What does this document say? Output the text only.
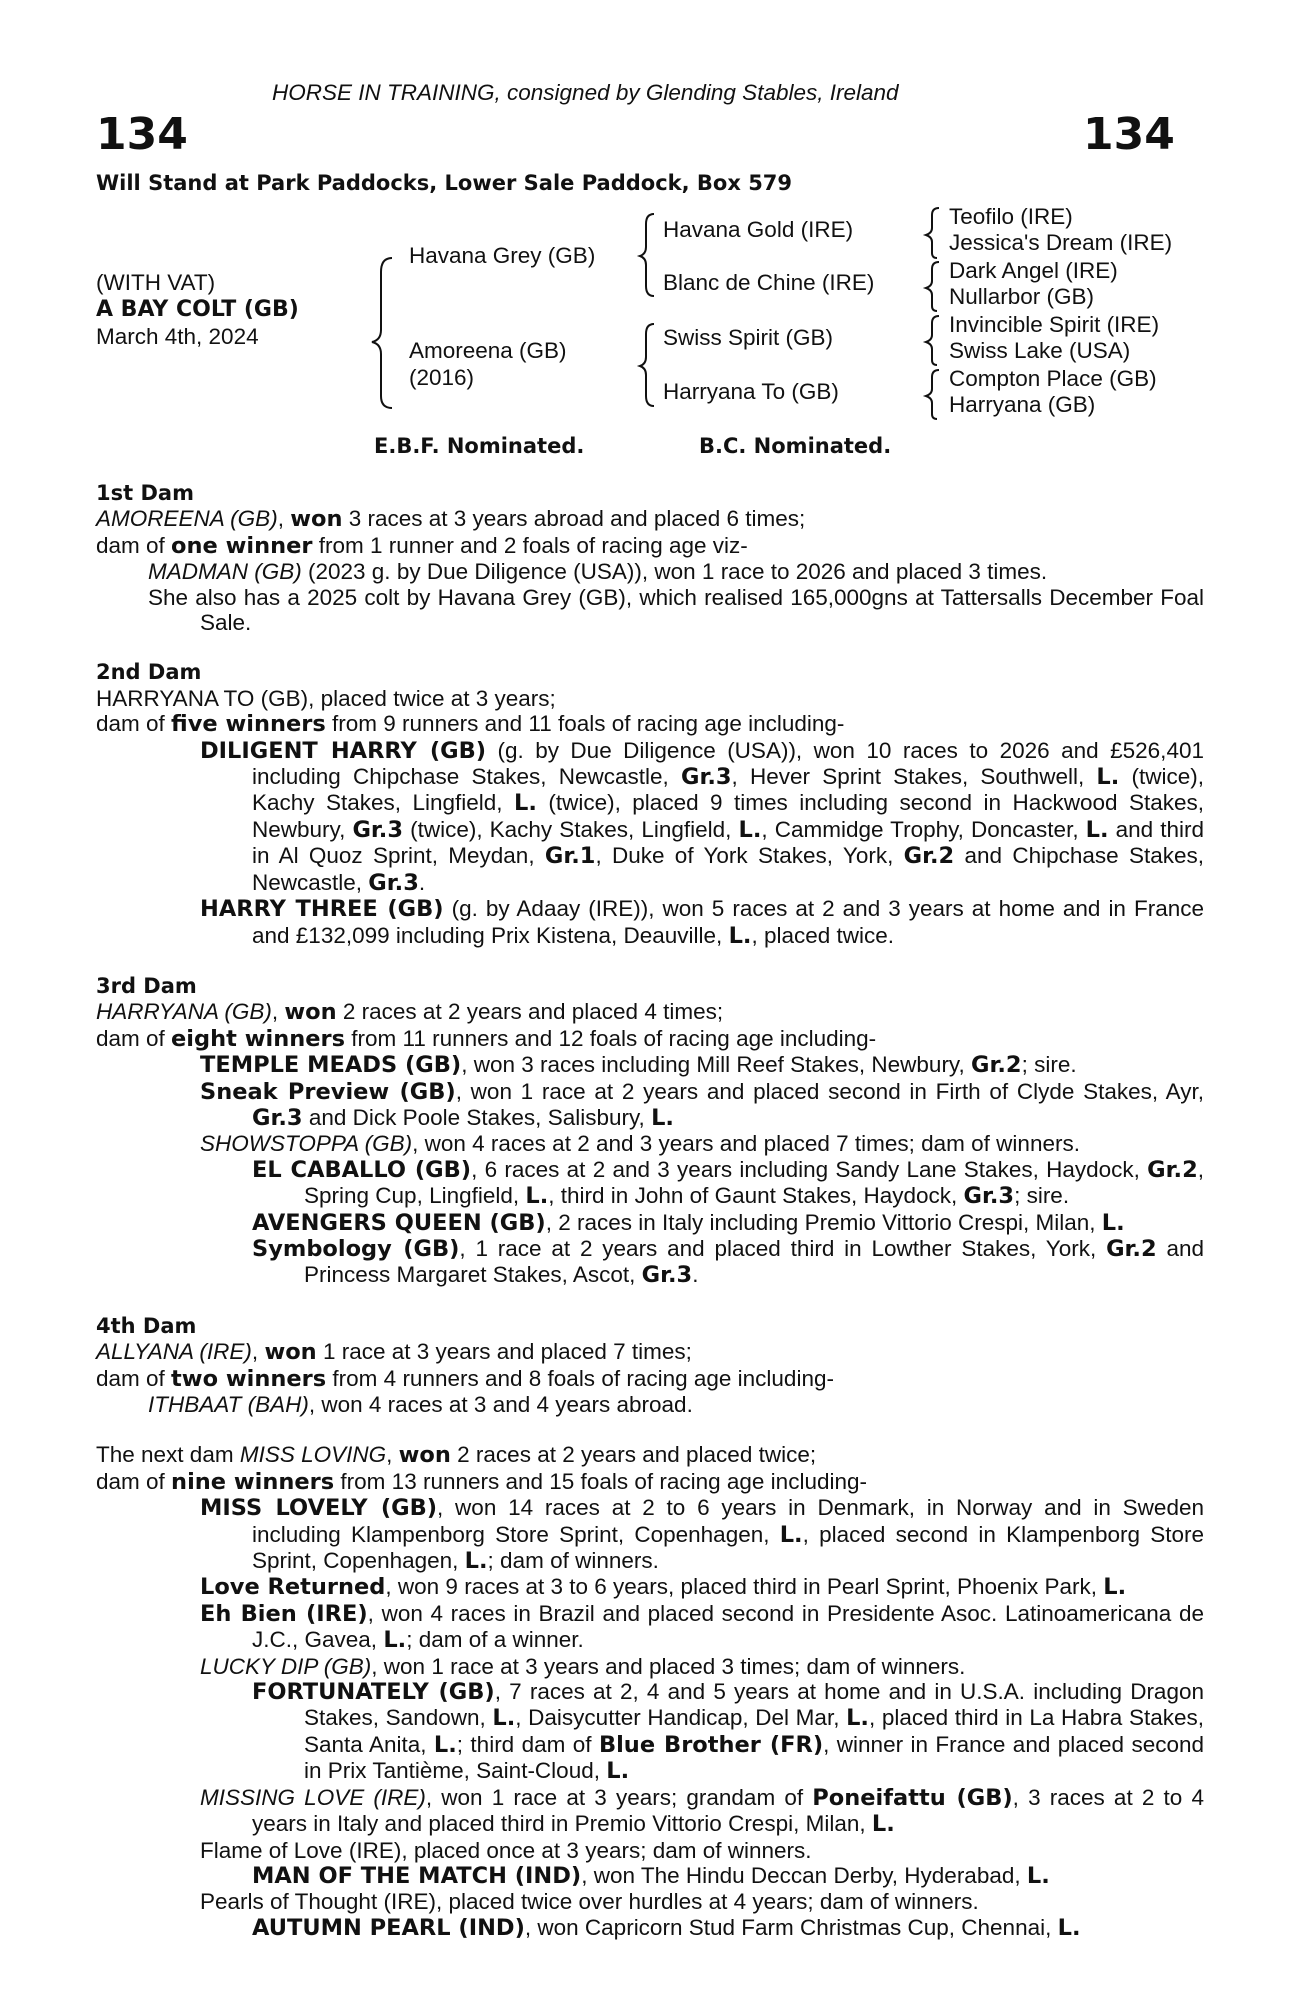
HORSE IN TRAINING, consigned by Glending Stables, Ireland
134	134
Will Stand at Park Paddocks, Lower Sale Paddock, Box 579
(WITH VAT)
A BAY COLT (GB)
March 4th, 2024
Havana Grey (GB)
Amoreena (GB)
(2016)
Havana Gold (IRE)
Blanc de Chine (IRE)
Swiss Spirit (GB)
Harryana To (GB)
Teofilo (IRE)
Jessica's Dream (IRE)
Dark Angel (IRE)
Nullarbor (GB)
Invincible Spirit (IRE)
Swiss Lake (USA)
Compton Place (GB)
Harryana (GB)
E.B.F. Nominated.	B.C. Nominated.
1st Dam
AMOREENA (GB), won 3 races at 3 years abroad and placed 6 times;
dam of one winner from 1 runner and 2 foals of racing age viz-
MADMAN (GB) (2023 g. by Due Diligence (USA)), won 1 race to 2026 and placed 3 times.
She also has a 2025 colt by Havana Grey (GB), which realised 165,000gns at Tattersalls December Foal Sale.
2nd Dam
HARRYANA TO (GB), placed twice at 3 years;
dam of five winners from 9 runners and 11 foals of racing age including-
DILIGENT HARRY (GB) (g. by Due Diligence (USA)), won 10 races to 2026 and £526,401 including Chipchase Stakes, Newcastle, Gr.3, Hever Sprint Stakes, Southwell, L. (twice), Kachy Stakes, Lingfield, L. (twice), placed 9 times including second in Hackwood Stakes, Newbury, Gr.3 (twice), Kachy Stakes, Lingfield, L., Cammidge Trophy, Doncaster, L. and third in Al Quoz Sprint, Meydan, Gr.1, Duke of York Stakes, York, Gr.2 and Chipchase Stakes, Newcastle, Gr.3.
HARRY THREE (GB) (g. by Adaay (IRE)), won 5 races at 2 and 3 years at home and in France and £132,099 including Prix Kistena, Deauville, L., placed twice.
3rd Dam
HARRYANA (GB), won 2 races at 2 years and placed 4 times;
dam of eight winners from 11 runners and 12 foals of racing age including-
TEMPLE MEADS (GB), won 3 races including Mill Reef Stakes, Newbury, Gr.2; sire.
Sneak Preview (GB), won 1 race at 2 years and placed second in Firth of Clyde Stakes, Ayr, Gr.3 and Dick Poole Stakes, Salisbury, L.
SHOWSTOPPA (GB), won 4 races at 2 and 3 years and placed 7 times; dam of winners.
EL CABALLO (GB), 6 races at 2 and 3 years including Sandy Lane Stakes, Haydock, Gr.2, Spring Cup, Lingfield, L., third in John of Gaunt Stakes, Haydock, Gr.3; sire.
AVENGERS QUEEN (GB), 2 races in Italy including Premio Vittorio Crespi, Milan, L.
Symbology (GB), 1 race at 2 years and placed third in Lowther Stakes, York, Gr.2 and Princess Margaret Stakes, Ascot, Gr.3.
4th Dam
ALLYANA (IRE), won 1 race at 3 years and placed 7 times;
dam of two winners from 4 runners and 8 foals of racing age including-
ITHBAAT (BAH), won 4 races at 3 and 4 years abroad.
The next dam MISS LOVING, won 2 races at 2 years and placed twice;
dam of nine winners from 13 runners and 15 foals of racing age including-
MISS LOVELY (GB), won 14 races at 2 to 6 years in Denmark, in Norway and in Sweden including Klampenborg Store Sprint, Copenhagen, L., placed second in Klampenborg Store Sprint, Copenhagen, L.; dam of winners.
Love Returned, won 9 races at 3 to 6 years, placed third in Pearl Sprint, Phoenix Park, L.
Eh Bien (IRE), won 4 races in Brazil and placed second in Presidente Asoc. Latinoamericana de J.C., Gavea, L.; dam of a winner.
LUCKY DIP (GB), won 1 race at 3 years and placed 3 times; dam of winners.
FORTUNATELY (GB), 7 races at 2, 4 and 5 years at home and in U.S.A. including Dragon Stakes, Sandown, L., Daisycutter Handicap, Del Mar, L., placed third in La Habra Stakes, Santa Anita, L.; third dam of Blue Brother (FR), winner in France and placed second in Prix Tantième, Saint-Cloud, L.
MISSING LOVE (IRE), won 1 race at 3 years; grandam of Poneifattu (GB), 3 races at 2 to 4 years in Italy and placed third in Premio Vittorio Crespi, Milan, L.
Flame of Love (IRE), placed once at 3 years; dam of winners.
MAN OF THE MATCH (IND), won The Hindu Deccan Derby, Hyderabad, L.
Pearls of Thought (IRE), placed twice over hurdles at 4 years; dam of winners.
AUTUMN PEARL (IND), won Capricorn Stud Farm Christmas Cup, Chennai, L.
